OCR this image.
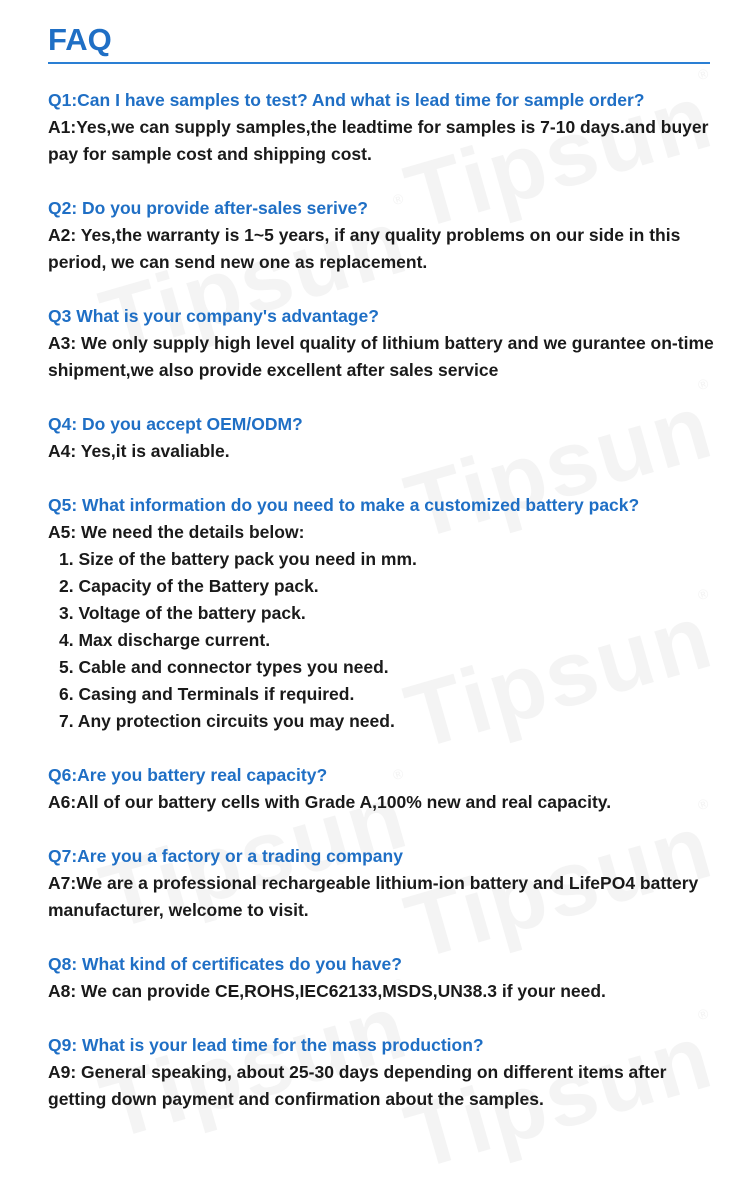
FAQ
Q1:Can I have samples to test? And what is lead time for sample order?
A1:Yes,we can supply samples,the leadtime for samples is 7-10 days.and buyer pay for sample cost and shipping cost.
Q2: Do you provide after-sales serive?
A2: Yes,the warranty is 1~5 years, if any quality problems on our side in this period, we can send new one as replacement.
Q3 What is your company's advantage?
A3: We only supply high level quality of lithium battery and we gurantee on-time shipment,we also provide excellent after sales service
Q4: Do you accept OEM/ODM?
A4: Yes,it is avaliable.
Q5: What information do you need to make a customized battery pack?
A5: We need the details below:
1. Size of the battery pack you need in mm.
2. Capacity of the Battery pack.
3. Voltage of the battery pack.
4. Max discharge current.
5. Cable and connector types you need.
6. Casing and Terminals if required.
7. Any protection circuits you may need.
Q6:Are you battery real capacity?
A6:All of our battery cells with Grade A,100% new and real capacity.
Q7:Are you a factory or a trading company
A7:We are a professional rechargeable lithium-ion battery and LifePO4 battery manufacturer, welcome to visit.
Q8: What kind of certificates do you have?
A8: We can provide CE,ROHS,IEC62133,MSDS,UN38.3 if your need.
Q9: What is your lead time for the mass production?
A9: General speaking, about 25-30 days depending on different items after getting down payment and confirmation about the samples.
